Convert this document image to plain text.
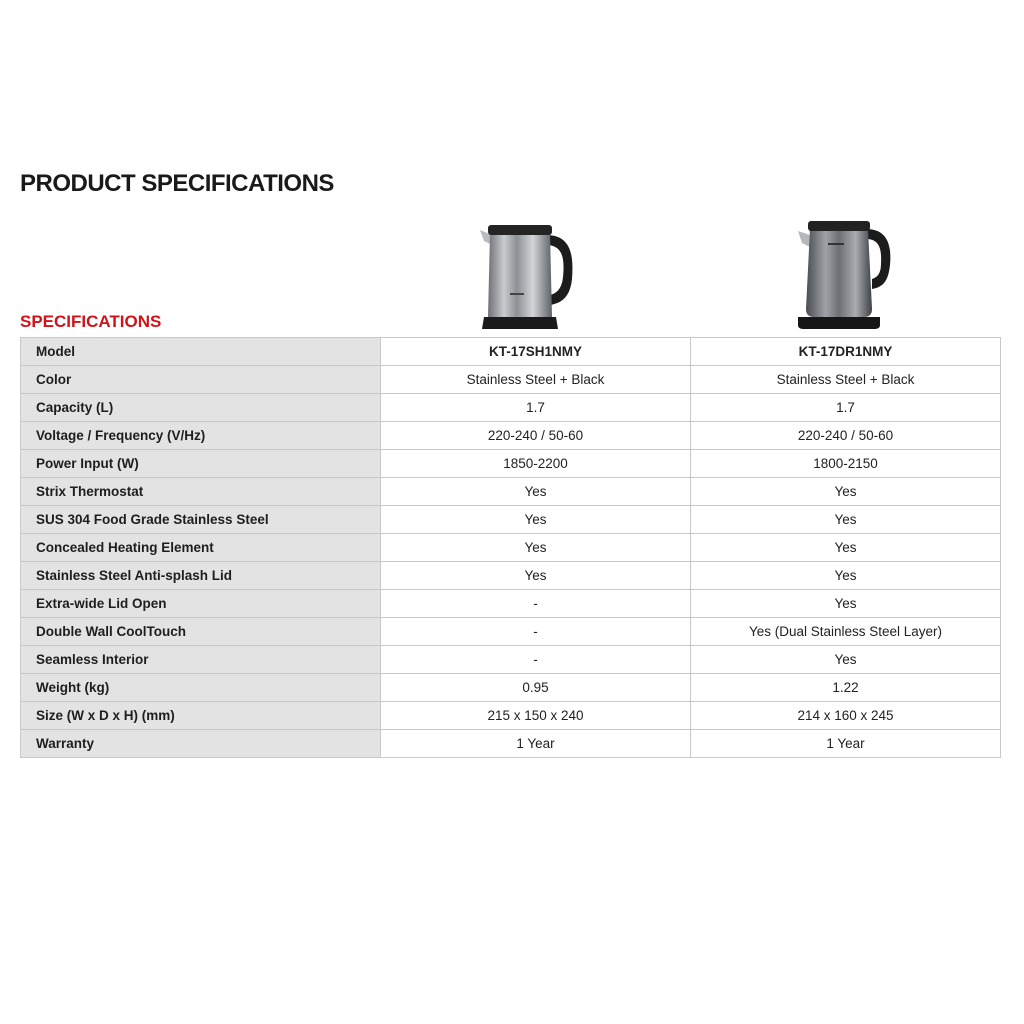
PRODUCT SPECIFICATIONS
SPECIFICATIONS
Model	KT-17SH1NMY	KT-17DR1NMY
Color	Stainless Steel + Black	Stainless Steel + Black
Capacity (L)	1.7	1.7
Voltage / Frequency (V/Hz)	220-240 / 50-60	220-240 / 50-60
Power Input (W)	1850-2200	1800-2150
Strix Thermostat	Yes	Yes
SUS 304 Food Grade Stainless Steel	Yes	Yes
Concealed Heating Element	Yes	Yes
Stainless Steel Anti-splash Lid	Yes	Yes
Extra-wide Lid Open	-	Yes
Double Wall CoolTouch	-	Yes (Dual Stainless Steel Layer)
Seamless Interior	-	Yes
Weight (kg)	0.95	1.22
Size (W x D x H) (mm)	215 x 150 x 240	214 x 160 x 245
Warranty	1 Year	1 Year
